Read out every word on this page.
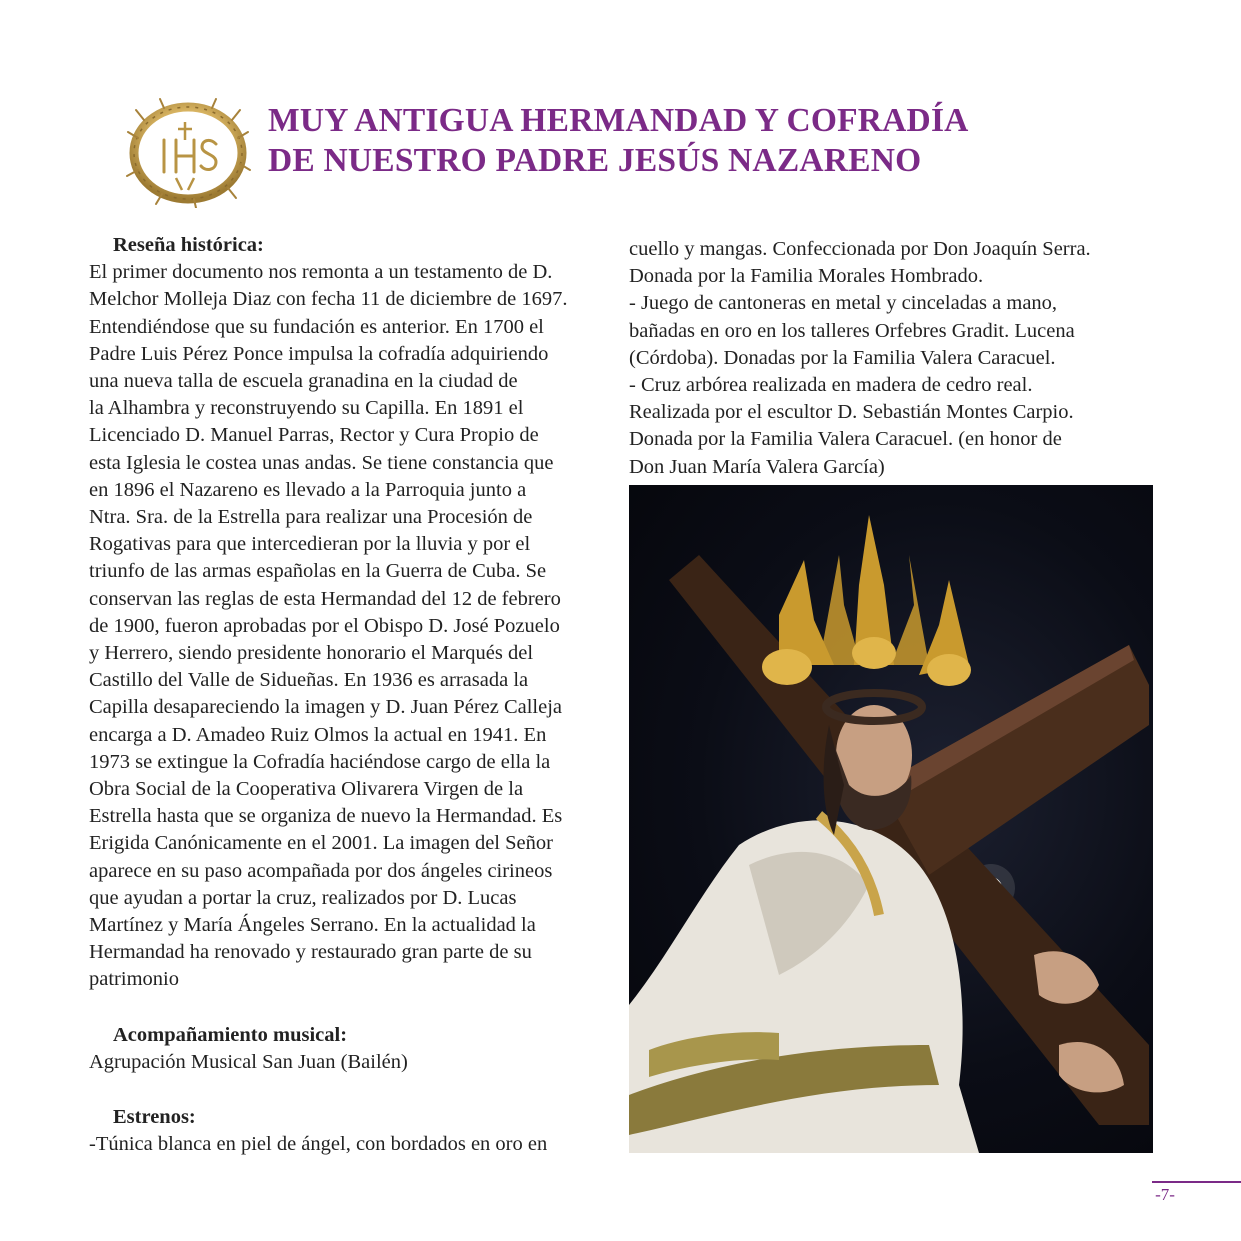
MUY ANTIGUA HERMANDAD Y COFRADÍA
DE NUESTRO PADRE JESÚS NAZARENO

Reseña histórica:

El primer documento nos remonta a un testamento de D.

Melchor Molleja Diaz con fecha 11 de diciembre de 1697.

Entendiéndose que su fundación es anterior. En 1700 el

Padre Luis Pérez Ponce impulsa la cofradía adquiriendo

una nueva talla de escuela granadina en la ciudad de

la Alhambra y reconstruyendo su Capilla. En 1891 el

Licenciado D. Manuel Parras, Rector y Cura Propio de

esta Iglesia le costea unas andas. Se tiene constancia que

en 1896 el Nazareno es llevado a la Parroquia junto a

Ntra. Sra. de la Estrella para realizar una Procesión de

Rogativas para que intercedieran por la lluvia y por el

triunfo de las armas españolas en la Guerra de Cuba. Se

conservan las reglas de esta Hermandad del 12 de febrero

de 1900, fueron aprobadas por el Obispo D. José Pozuelo

y Herrero, siendo presidente honorario el Marqués del

Castillo del Valle de Sidueñas. En 1936 es arrasada la

Capilla desapareciendo la imagen y D. Juan Pérez Calleja

encarga a D. Amadeo Ruiz Olmos la actual en 1941. En

1973 se extingue la Cofradía haciéndose cargo de ella la

Obra Social de la Cooperativa Olivarera Virgen de la

Estrella hasta que se organiza de nuevo la Hermandad. Es

Erigida Canónicamente en el 2001. La imagen del Señor

aparece en su paso acompañada por dos ángeles cirineos

que ayudan a portar la cruz, realizados por D. Lucas

Martínez y María Ángeles Serrano. En la actualidad la

Hermandad ha renovado y restaurado gran parte de su

patrimonio

Acompañamiento musical:

Agrupación Musical San Juan (Bailén)

Estrenos:

-Túnica blanca en piel de ángel, con bordados en oro en

cuello y mangas. Confeccionada por Don Joaquín Serra.

Donada por la Familia Morales Hombrado.

- Juego de cantoneras en metal y cinceladas a mano,

bañadas en oro en los talleres Orfebres Gradit. Lucena

(Córdoba). Donadas por la Familia Valera Caracuel.

- Cruz arbórea realizada en madera de cedro real.

Realizada por el escultor D. Sebastián Montes Carpio.

Donada por la Familia Valera Caracuel. (en honor de

Don Juan María Valera García)

-7-
